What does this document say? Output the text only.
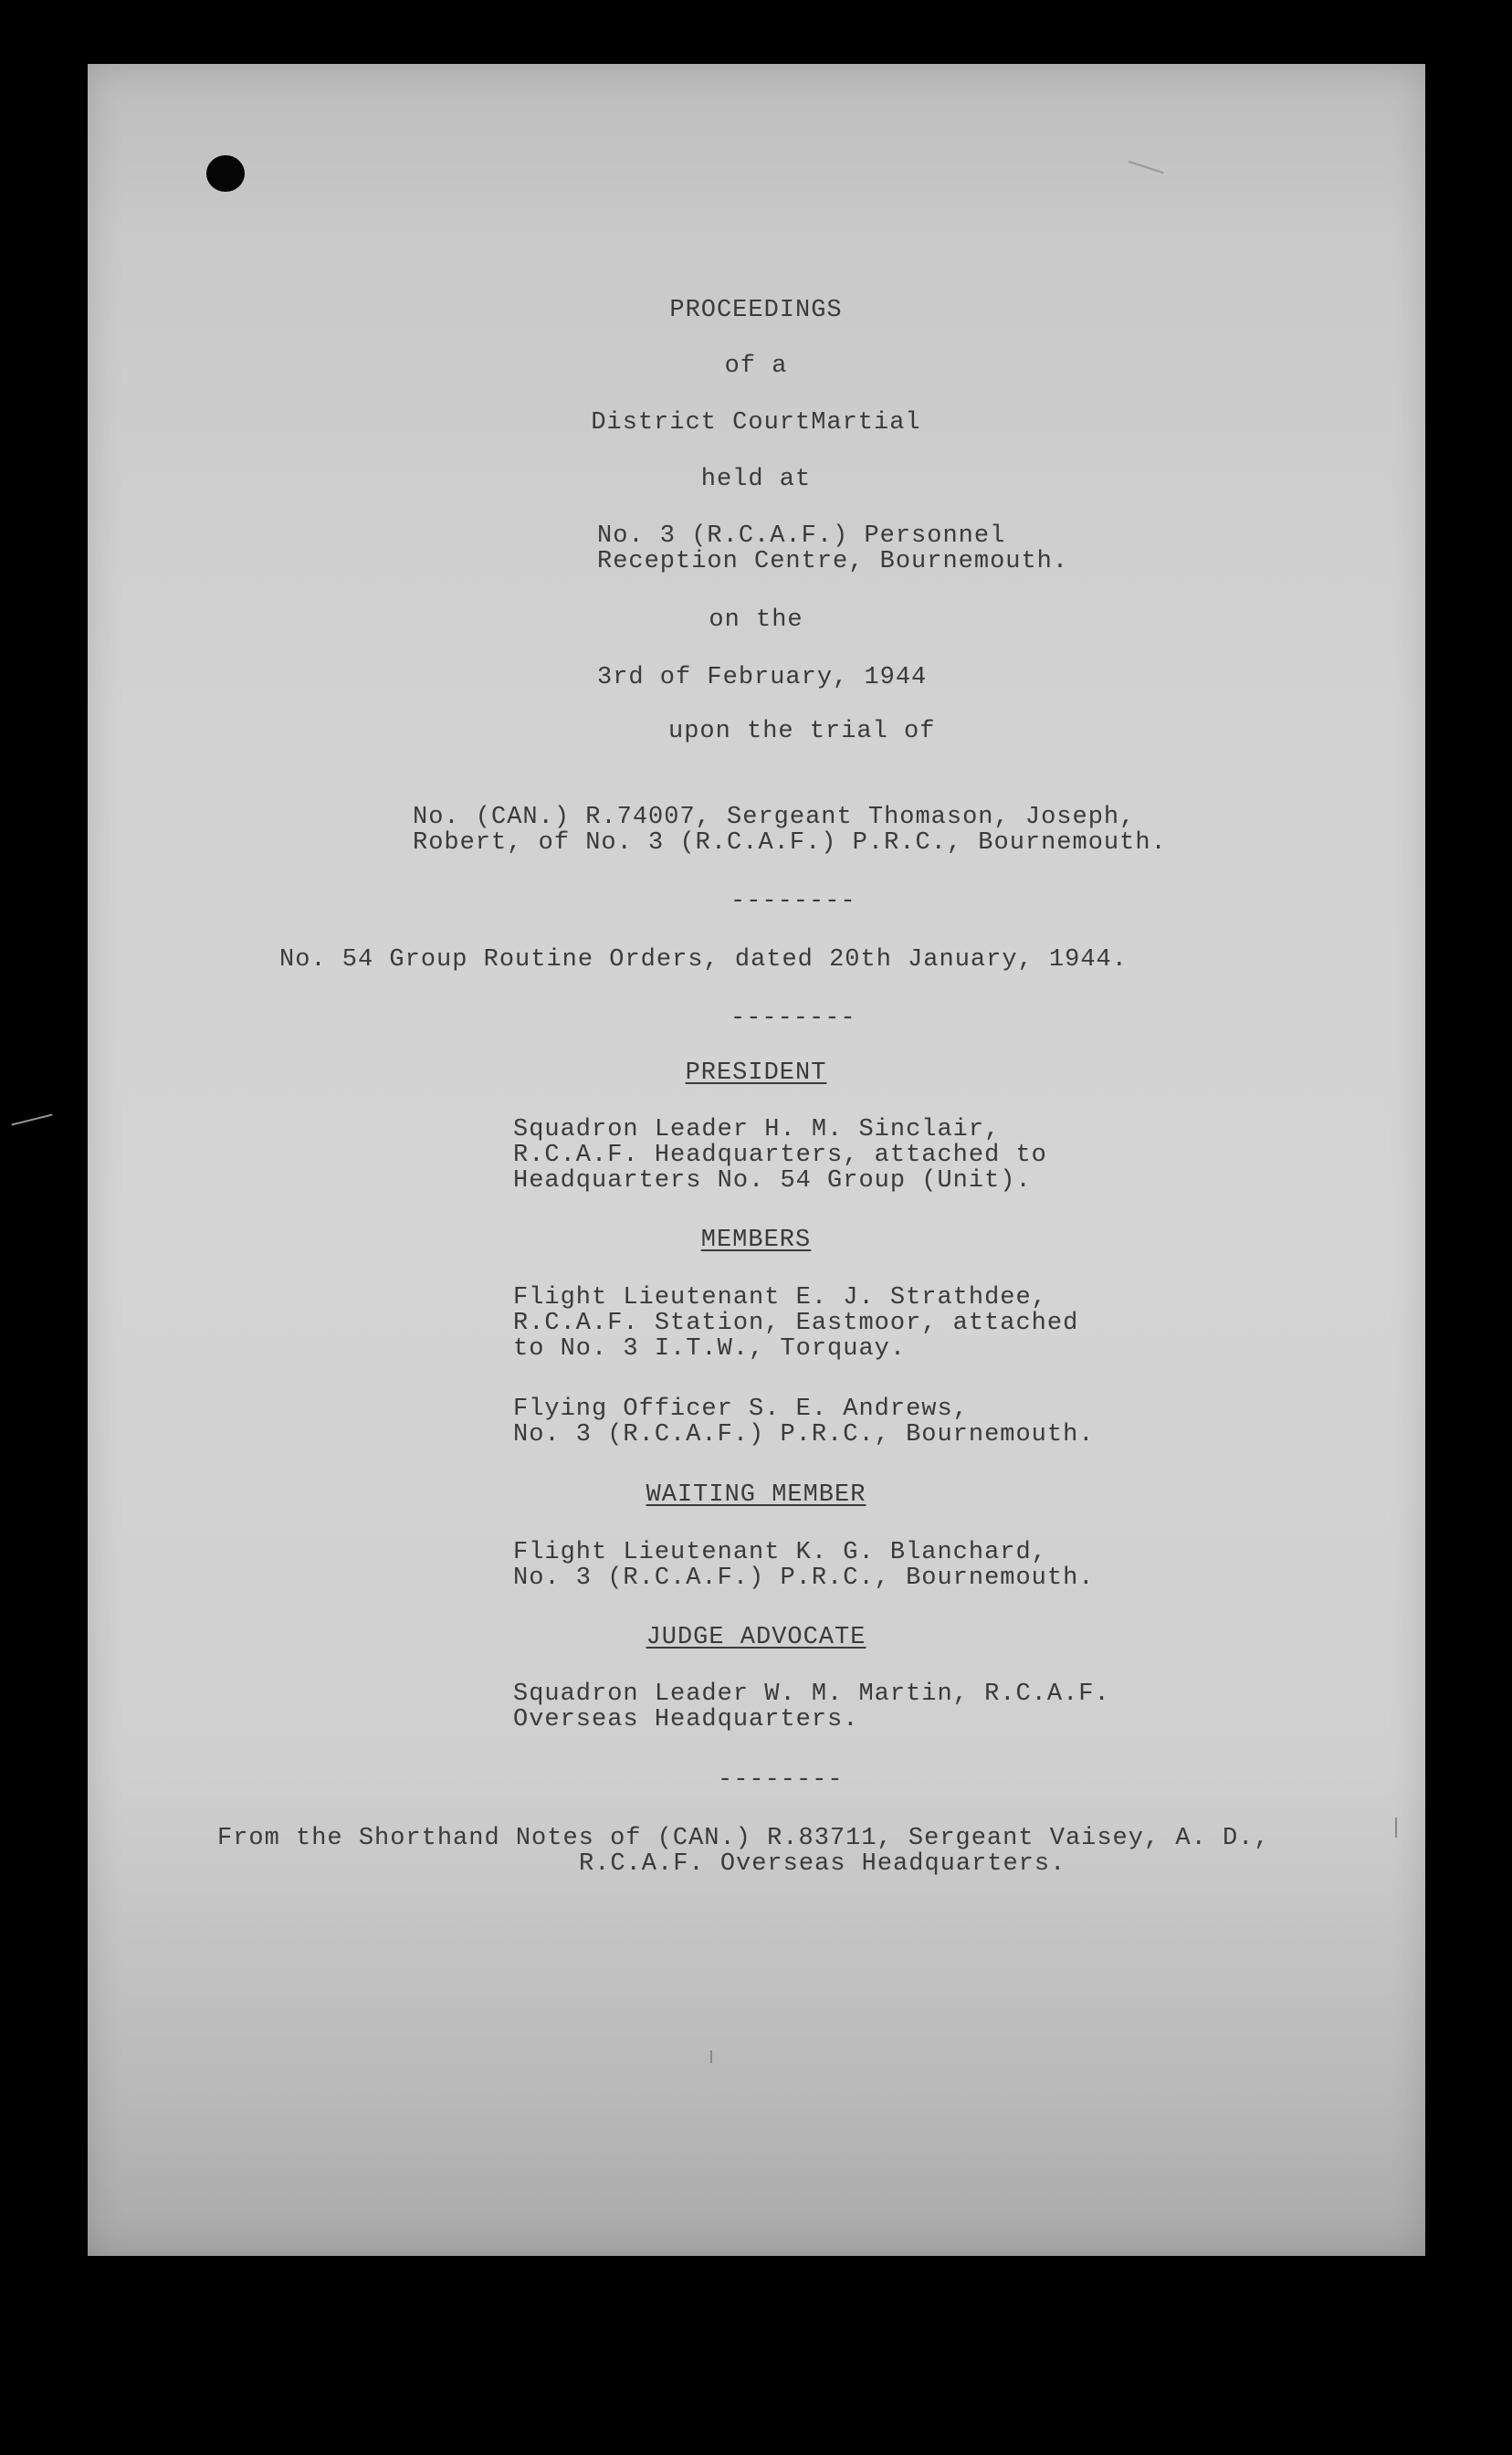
PROCEEDINGS
of a
District CourtMartial
held at
No. 3 (R.C.A.F.) Personnel
Reception Centre, Bournemouth.
on the
3rd of February, 1944
upon the trial of
No. (CAN.) R.74007, Sergeant Thomason, Joseph,
Robert, of No. 3 (R.C.A.F.) P.R.C., Bournemouth.
--------
No. 54 Group Routine Orders, dated 20th January, 1944.
--------
PRESIDENT
Squadron Leader H. M. Sinclair,
R.C.A.F. Headquarters, attached to
Headquarters No. 54 Group (Unit).
MEMBERS
Flight Lieutenant E. J. Strathdee,
R.C.A.F. Station, Eastmoor, attached
to No. 3 I.T.W., Torquay.
Flying Officer S. E. Andrews,
No. 3 (R.C.A.F.) P.R.C., Bournemouth.
WAITING MEMBER
Flight Lieutenant K. G. Blanchard,
No. 3 (R.C.A.F.) P.R.C., Bournemouth.
JUDGE ADVOCATE
Squadron Leader W. M. Martin, R.C.A.F.
Overseas Headquarters.
--------
From the Shorthand Notes of (CAN.) R.83711, Sergeant Vaisey, A. D.,
R.C.A.F. Overseas Headquarters.
